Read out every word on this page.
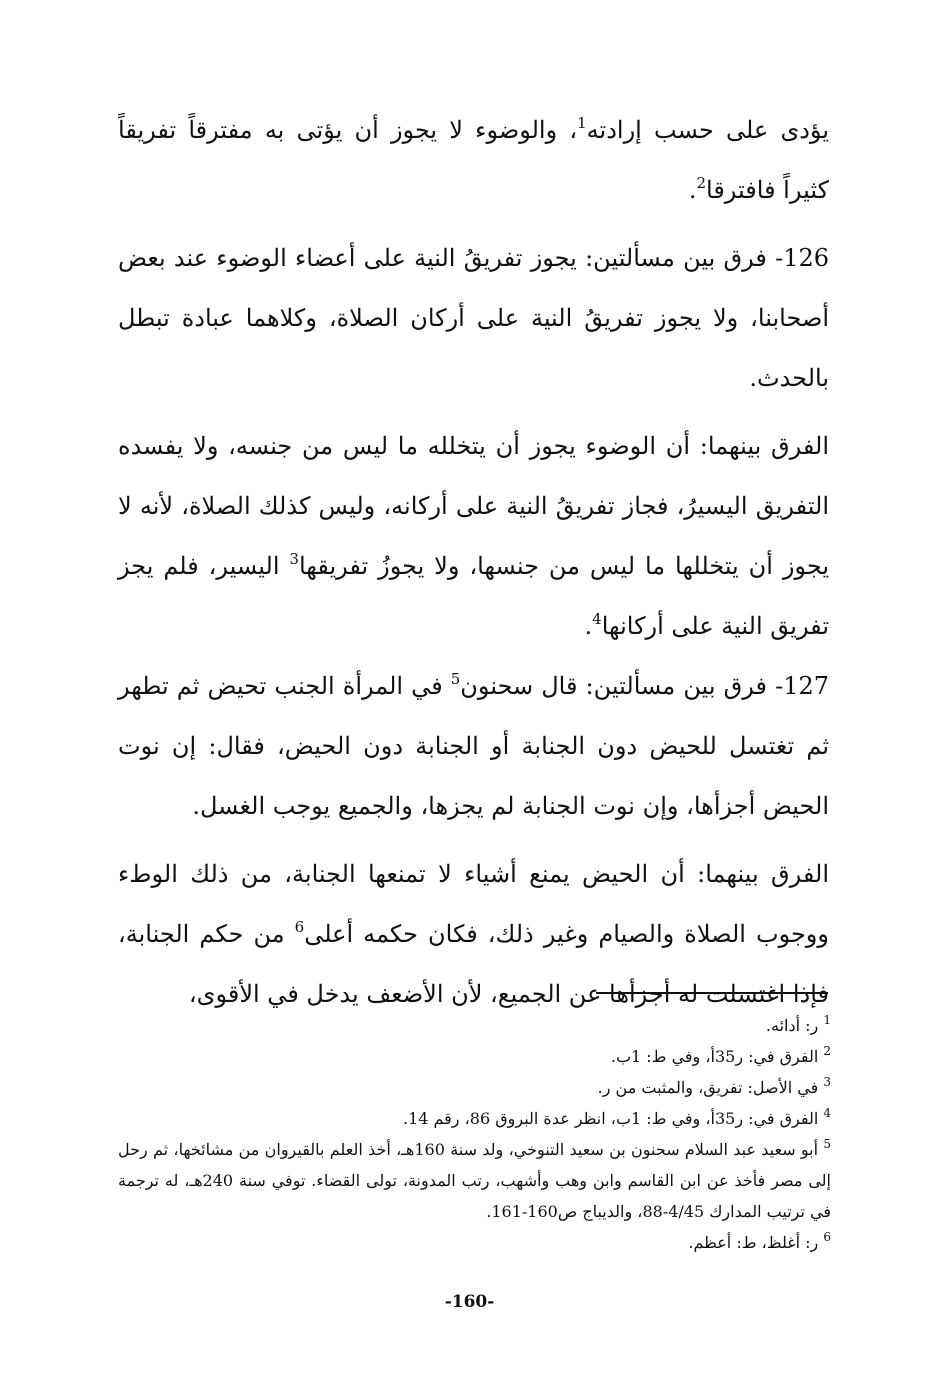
يؤدى على حسب إرادته$^1$، والوضوء لا يجوز أن يؤتى به مفترقاً تفريقاً كثيراً فافترقا$^2$.

126- فرق بين مسألتين: يجوز تفريقُ النية على أعضاء الوضوء عند بعض أصحابنا، ولا يجوز تفريقُ النية على أركان الصلاة، وكلاهما عبادة تبطل بالحدث.

الفرق بينهما: أن الوضوء يجوز أن يتخلله ما ليس من جنسه، ولا يفسده التفريق اليسيرُ، فجاز تفريقُ النية على أركانه، وليس كذلك الصلاة، لأنه لا يجوز أن يتخللها ما ليس من جنسها، ولا يجوزُ تفريقها$^3$ اليسير، فلم يجز تفريق النية على أركانها$^4$.

127- فرق بين مسألتين: قال سحنون$^5$ في المرأة الجنب تحيض ثم تطهر ثم تغتسل للحيض دون الجنابة أو الجنابة دون الحيض، فقال: إن نوت الحيض أجزأها، وإن نوت الجنابة لم يجزها، والجميع يوجب الغسل.

الفرق بينهما: أن الحيض يمنع أشياء لا تمنعها الجنابة، من ذلك الوطء ووجوب الصلاة والصيام وغير ذلك، فكان حكمه أعلى$^6$ من حكم الجنابة، فإذا اغتسلت له أجزأها عن الجميع، لأن الأضعف يدخل في الأقوى،

$^1$ ر: أدائه.

$^2$ الفرق في: ر35أ، وفي ط: 1ب.

$^3$ في الأصل: تفريق، والمثبت من ر.

$^4$ الفرق في: ر35أ، وفي ط: 1ب، انظر عدة البروق 86، رقم 14.

$^5$ أبو سعيد عبد السلام سحنون بن سعيد التنوخي، ولد سنة 160هـ، أخذ العلم بالقيروان من مشائخها، ثم رحل إلى مصر فأخذ عن ابن القاسم وابن وهب وأشهب، رتب المدونة، تولى القضاء. توفي سنة 240هـ، له ترجمة في ترتيب المدارك 4/45-88، والديباج ص160-161.

$^6$ ر: أغلظ، ط: أعظم.

-160-
